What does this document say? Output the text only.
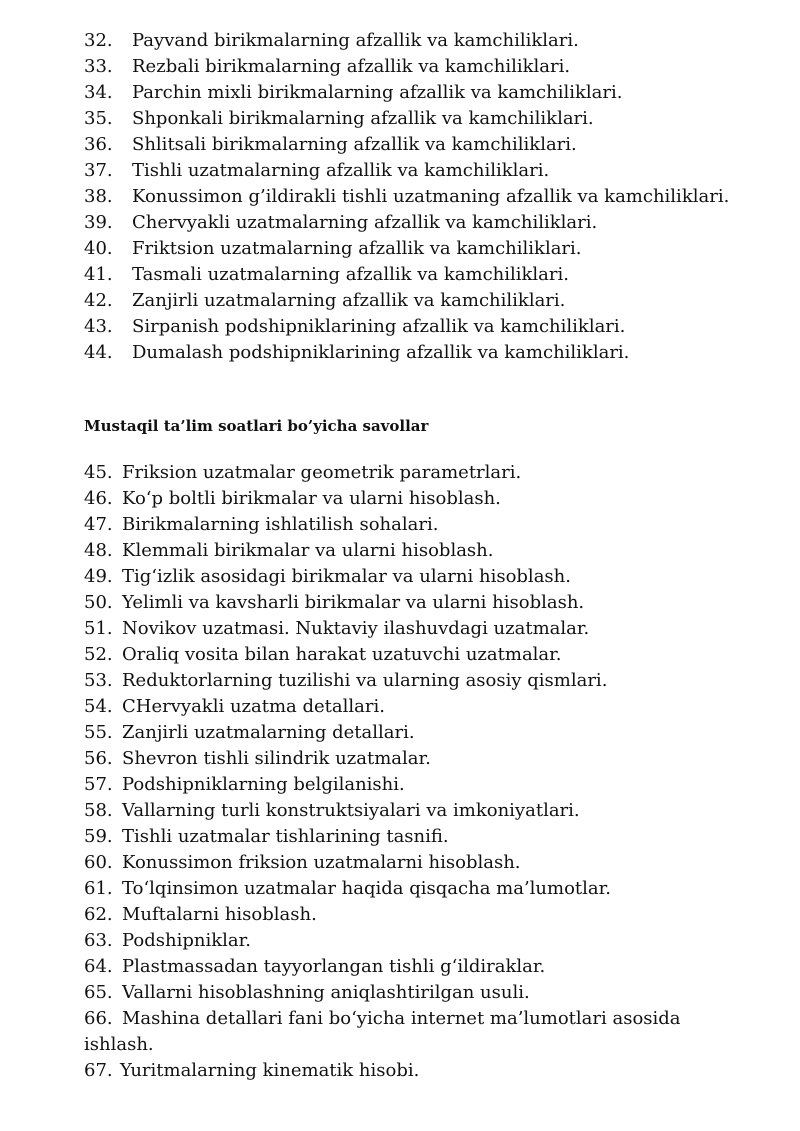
32. Payvand birikmalarning afzallik va kamchiliklari.
33. Rezbali birikmalarning afzallik va kamchiliklari.
34. Parchin mixli birikmalarning afzallik va kamchiliklari.
35. Shponkali birikmalarning afzallik va kamchiliklari.
36. Shlitsali birikmalarning afzallik va kamchiliklari.
37. Tishli uzatmalarning afzallik va kamchiliklari.
38. Konussimon g’ildirakli tishli uzatmaning afzallik va kamchiliklari.
39. Chervyakli uzatmalarning afzallik va kamchiliklari.
40. Friktsion uzatmalarning afzallik va kamchiliklari.
41. Tasmali uzatmalarning afzallik va kamchiliklari.
42. Zanjirli uzatmalarning afzallik va kamchiliklari.
43. Sirpanish podshipniklarining afzallik va kamchiliklari.
44. Dumalash podshipniklarining afzallik va kamchiliklari.
Mustaqil ta’lim soatlari bo’yicha savollar
45. Friksion uzatmalar geometrik parametrlari.
46. Ko‘p boltli birikmalar va ularni hisoblash.
47. Birikmalarning ishlatilish sohalari.
48. Klemmali birikmalar va ularni hisoblash.
49. Tig‘izlik asosidagi birikmalar va ularni hisoblash.
50. Yelimli va kavsharli birikmalar va ularni hisoblash.
51. Novikov uzatmasi. Nuktaviy ilashuvdagi uzatmalar.
52. Oraliq vosita bilan harakat uzatuvchi uzatmalar.
53. Reduktorlarning tuzilishi va ularning asosiy qismlari.
54. CHervyakli uzatma detallari.
55. Zanjirli uzatmalarning detallari.
56. Shevron tishli silindrik uzatmalar.
57. Podshipniklarning belgilanishi.
58. Vallarning turli konstruktsiyalari va imkoniyatlari.
59. Tishli uzatmalar tishlarining tasnifi.
60. Konussimon friksion uzatmalarni hisoblash.
61. To‘lqinsimon uzatmalar haqida qisqacha ma’lumotlar.
62. Muftalarni hisoblash.
63. Podshipniklar.
64. Plastmassadan tayyorlangan tishli g‘ildiraklar.
65. Vallarni hisoblashning aniqlashtirilgan usuli.
66. Mashina detallari fani bo‘yicha internet ma’lumotlari asosida ishlash.
67. Yuritmalarning kinematik hisobi.
